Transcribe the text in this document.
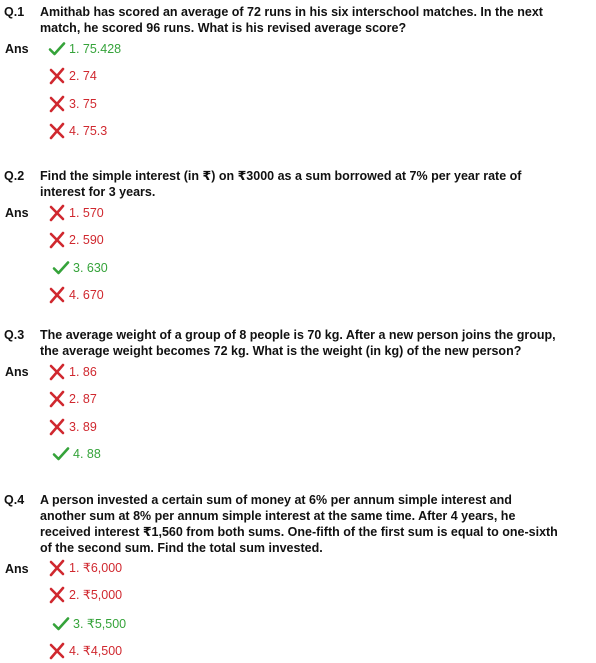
Q.1 Amithab has scored an average of 72 runs in his six interschool matches. In the next
match, he scored 96 runs. What is his revised average score?
Ans	1. 75.428
2. 74
3. 75
4. 75.3
Q.2 Find the simple interest (in ₹) on ₹3000 as a sum borrowed at 7% per year rate of
interest for 3 years.
Ans	1. 570
2. 590
3. 630
4. 670
Q.3 The average weight of a group of 8 people is 70 kg. After a new person joins the group,
the average weight becomes 72 kg. What is the weight (in kg) of the new person?
Ans	1. 86
2. 87
3. 89
4. 88
Q.4 A person invested a certain sum of money at 6% per annum simple interest and
another sum at 8% per annum simple interest at the same time. After 4 years, he
received interest ₹1,560 from both sums. One-fifth of the first sum is equal to one-sixth
of the second sum. Find the total sum invested.
Ans	1. ₹6,000
2. ₹5,000
3. ₹5,500
4. ₹4,500
